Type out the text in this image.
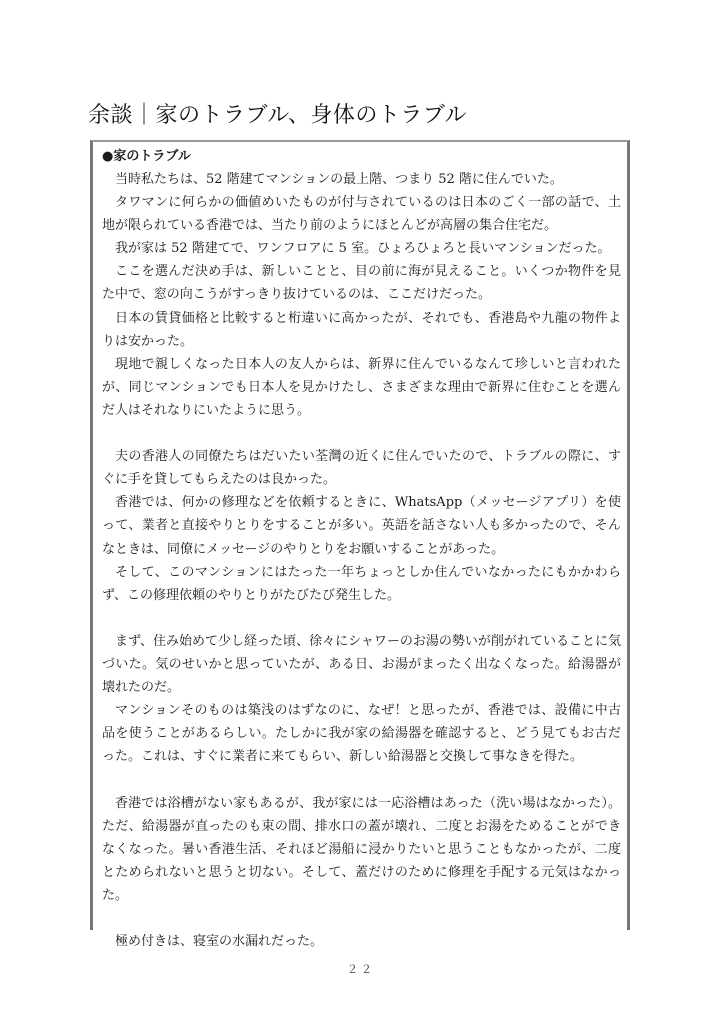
余談｜家のトラブル、身体のトラブル
●家のトラブル

当時私たちは、52 階建てマンションの最上階、つまり 52 階に住んでいた。

タワマンに何らかの価値めいたものが付与されているのは日本のごく一部の話で、土地が限られている香港では、当たり前のようにほとんどが高層の集合住宅だ。

我が家は 52 階建てで、ワンフロアに 5 室。ひょろひょろと長いマンションだった。

ここを選んだ決め手は、新しいことと、目の前に海が見えること。いくつか物件を見た中で、窓の向こうがすっきり抜けているのは、ここだけだった。

日本の賃貸価格と比較すると桁違いに高かったが、それでも、香港島や九龍の物件よりは安かった。

現地で親しくなった日本人の友人からは、新界に住んでいるなんて珍しいと言われたが、同じマンションでも日本人を見かけたし、さまざまな理由で新界に住むことを選んだ人はそれなりにいたように思う。

夫の香港人の同僚たちはだいたい荃灣の近くに住んでいたので、トラブルの際に、すぐに手を貸してもらえたのは良かった。

香港では、何かの修理などを依頼するときに、WhatsApp（メッセージアプリ）を使って、業者と直接やりとりをすることが多い。英語を話さない人も多かったので、そんなときは、同僚にメッセージのやりとりをお願いすることがあった。

そして、このマンションにはたった一年ちょっとしか住んでいなかったにもかかわらず、この修理依頼のやりとりがたびたび発生した。

まず、住み始めて少し経った頃、徐々にシャワーのお湯の勢いが削がれていることに気づいた。気のせいかと思っていたが、ある日、お湯がまったく出なくなった。給湯器が壊れたのだ。

マンションそのものは築浅のはずなのに、なぜ！と思ったが、香港では、設備に中古品を使うことがあるらしい。たしかに我が家の給湯器を確認すると、どう見てもお古だった。これは、すぐに業者に来てもらい、新しい給湯器と交換して事なきを得た。

香港では浴槽がない家もあるが、我が家には一応浴槽はあった（洗い場はなかった）。ただ、給湯器が直ったのも束の間、排水口の蓋が壊れ、二度とお湯をためることができなくなった。暑い香港生活、それほど湯船に浸かりたいと思うこともなかったが、二度とためられないと思うと切ない。そして、蓋だけのために修理を手配する元気はなかった。

極め付きは、寝室の水漏れだった。

２２
